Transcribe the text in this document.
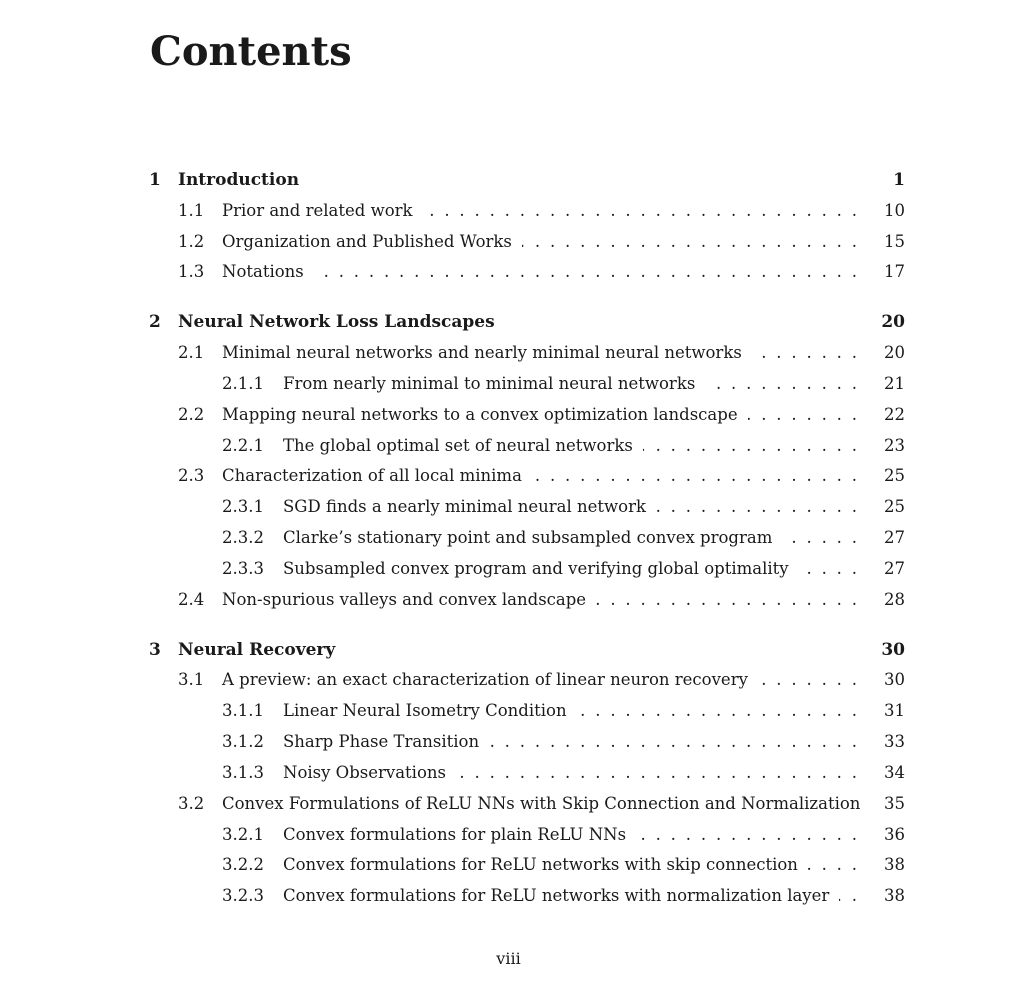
Contents
1 Introduction	1
1.1 Prior and related work . . .	10
1.2 Organization and Published Works . . .	15
1.3 Notations . . .	17
2 Neural Network Loss Landscapes	20
2.1 Minimal neural networks and nearly minimal neural networks . . .	20
2.1.1 From nearly minimal to minimal neural networks . . .	21
2.2 Mapping neural networks to a convex optimization landscape . . .	22
2.2.1 The global optimal set of neural networks . . .	23
2.3 Characterization of all local minima . . .	25
2.3.1 SGD finds a nearly minimal neural network . . .	25
2.3.2 Clarke’s stationary point and subsampled convex program . . .	27
2.3.3 Subsampled convex program and verifying global optimality . . .	27
2.4 Non-spurious valleys and convex landscape . . .	28
3 Neural Recovery	30
3.1 A preview: an exact characterization of linear neuron recovery . . .	30
3.1.1 Linear Neural Isometry Condition . . .	31
3.1.2 Sharp Phase Transition . . .	33
3.1.3 Noisy Observations . . .	34
3.2 Convex Formulations of ReLU NNs with Skip Connection and Normalization 35
3.2.1 Convex formulations for plain ReLU NNs . . .	36
3.2.2 Convex formulations for ReLU networks with skip connection . . .	38
3.2.3 Convex formulations for ReLU networks with normalization layer . . .	38
viii
